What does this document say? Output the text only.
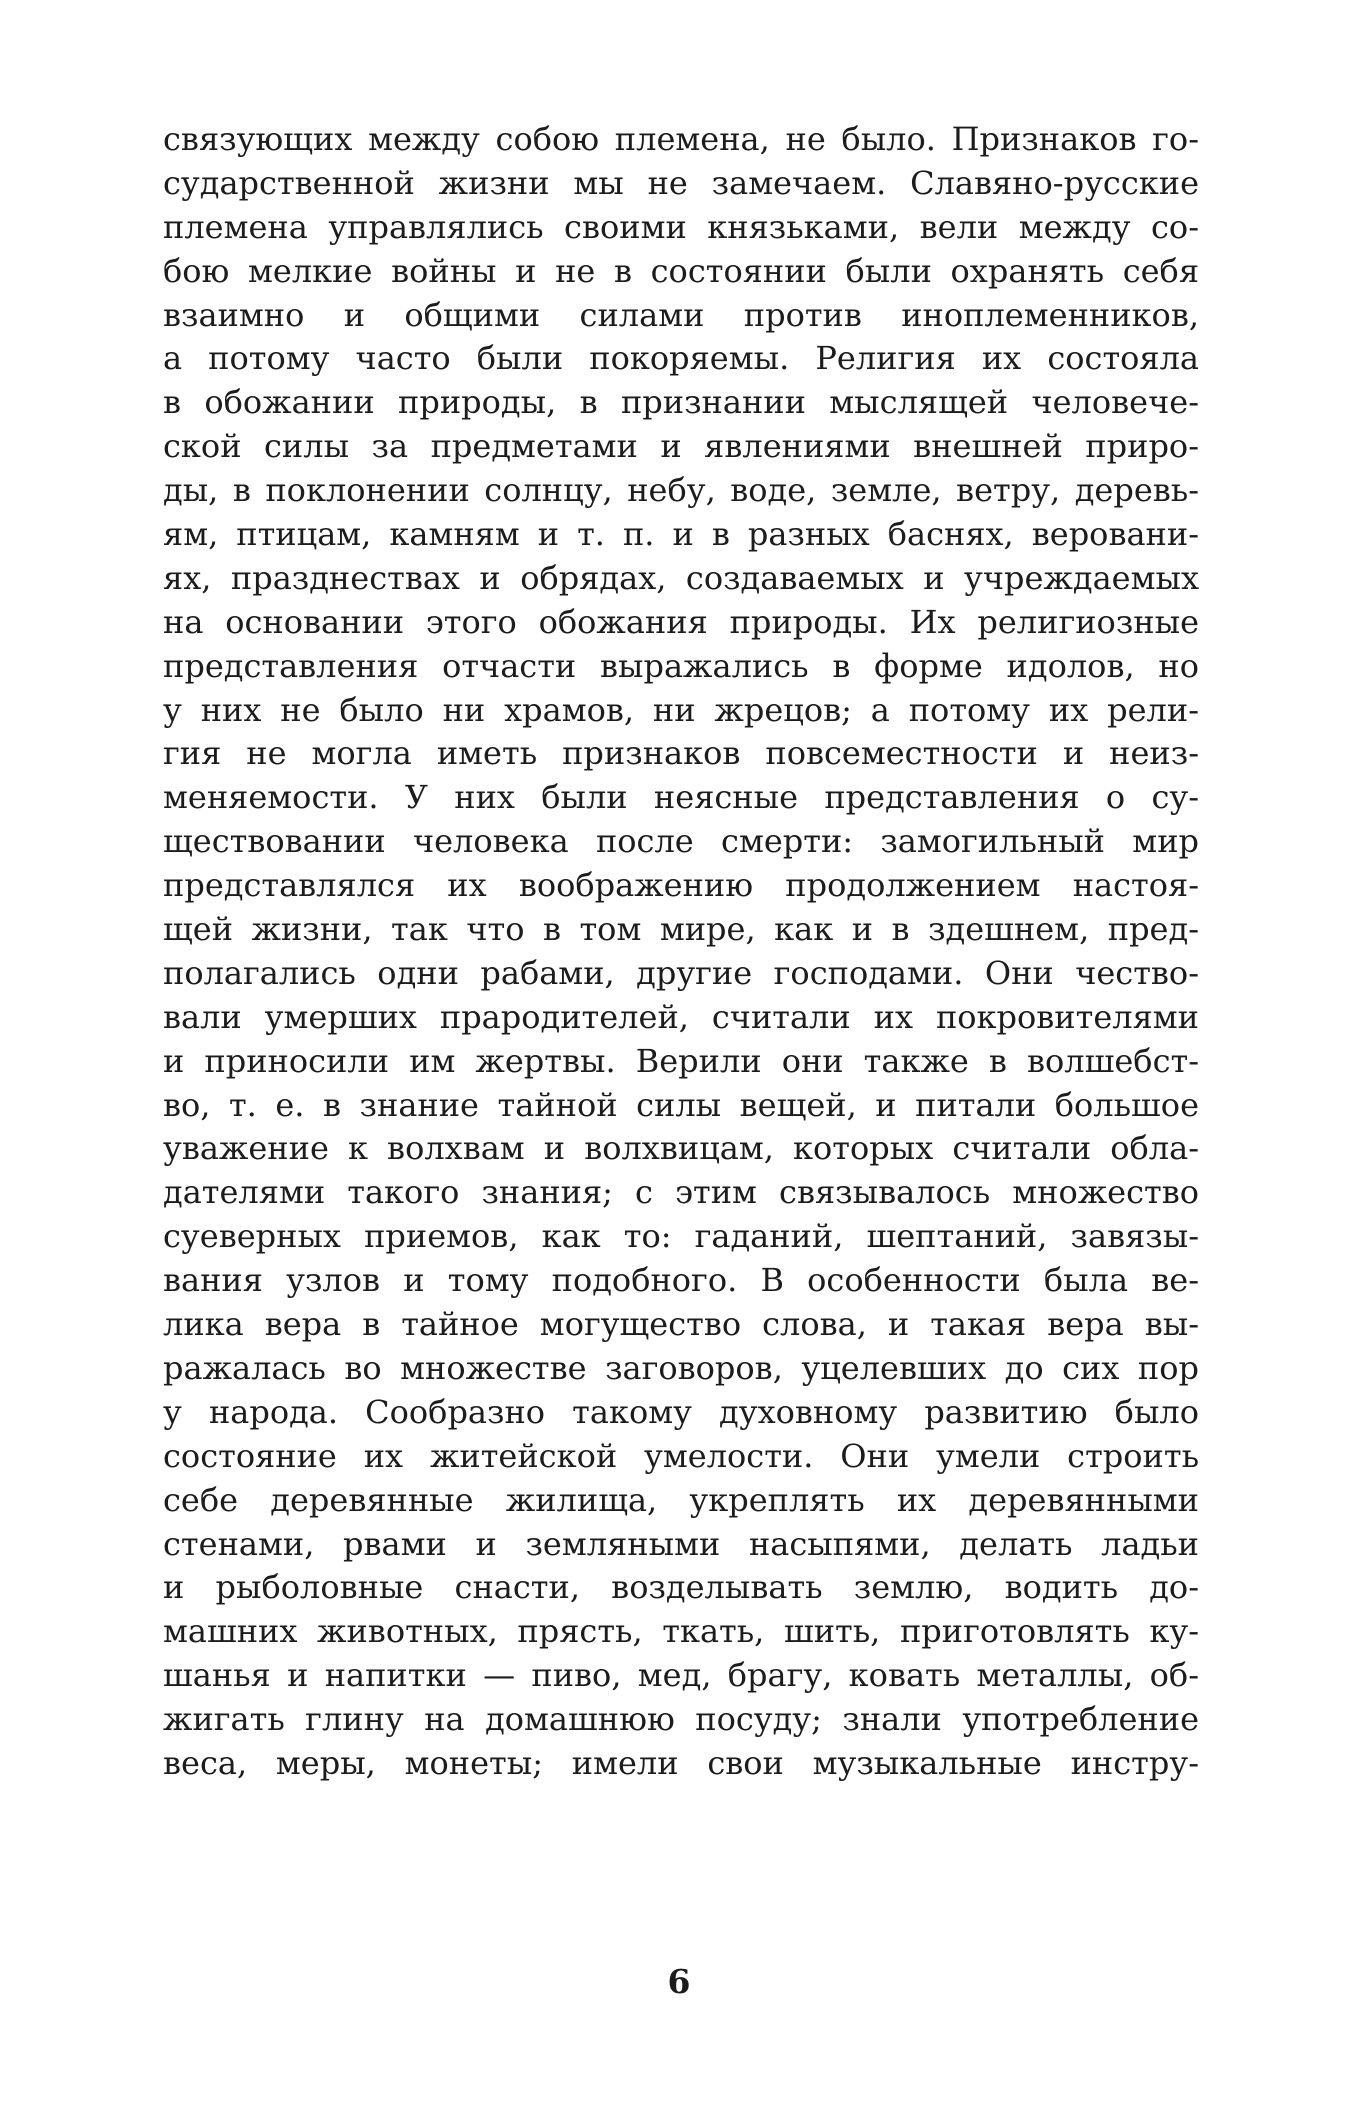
связующих между собою племена, не было. Признаков го-
сударственной жизни мы не замечаем. Славяно-русские
племена управлялись своими князьками, вели между со-
бою мелкие войны и не в состоянии были охранять себя
взаимно и общими силами против иноплеменников,
а потому часто были покоряемы. Религия их состояла
в обожании природы, в признании мыслящей человече-
ской силы за предметами и явлениями внешней приро-
ды, в поклонении солнцу, небу, воде, земле, ветру, деревь-
ям, птицам, камням и т. п. и в разных баснях, веровани-
ях, празднествах и обрядах, создаваемых и учреждаемых
на основании этого обожания природы. Их религиозные
представления отчасти выражались в форме идолов, но
у них не было ни храмов, ни жрецов; а потому их рели-
гия не могла иметь признаков повсеместности и неиз-
меняемости. У них были неясные представления о су-
ществовании человека после смерти: замогильный мир
представлялся их воображению продолжением настоя-
щей жизни, так что в том мире, как и в здешнем, пред-
полагались одни рабами, другие господами. Они чество-
вали умерших прародителей, считали их покровителями
и приносили им жертвы. Верили они также в волшебст-
во, т. е. в знание тайной силы вещей, и питали большое
уважение к волхвам и волхвицам, которых считали обла-
дателями такого знания; с этим связывалось множество
суеверных приемов, как то: гаданий, шептаний, завязы-
вания узлов и тому подобного. В особенности была ве-
лика вера в тайное могущество слова, и такая вера вы-
ражалась во множестве заговоров, уцелевших до сих пор
у народа. Сообразно такому духовному развитию было
состояние их житейской умелости. Они умели строить
себе деревянные жилища, укреплять их деревянными
стенами, рвами и земляными насыпями, делать ладьи
и рыболовные снасти, возделывать землю, водить до-
машних животных, прясть, ткать, шить, приготовлять ку-
шанья и напитки — пиво, мед, брагу, ковать металлы, об-
жигать глину на домашнюю посуду; знали употребление
веса, меры, монеты; имели свои музыкальные инстру-
6
